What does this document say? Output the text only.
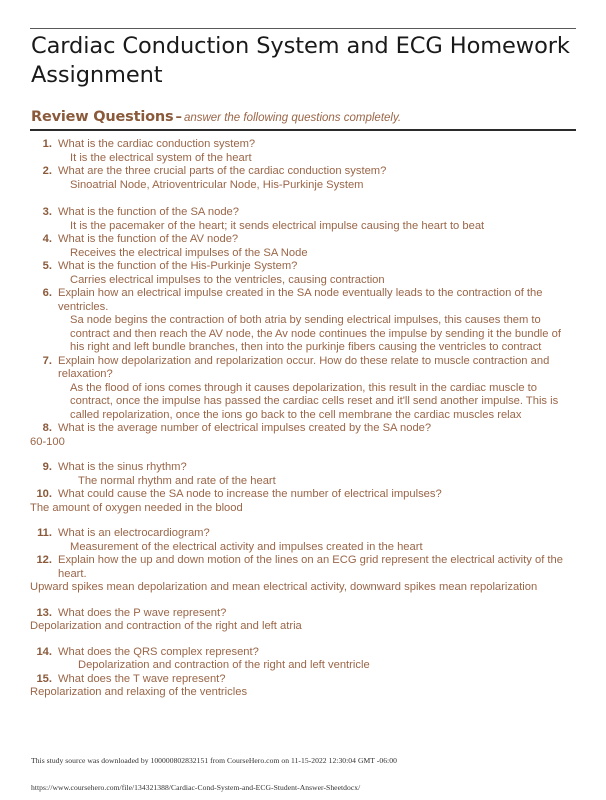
Cardiac Conduction System and ECG Homework Assignment
Review Questions – answer the following questions completely.
1. What is the cardiac conduction system?
It is the electrical system of the heart
2. What are the three crucial parts of the cardiac conduction system?
Sinoatrial Node, Atrioventricular Node, His-Purkinje System
3. What is the function of the SA node?
It is the pacemaker of the heart; it sends electrical impulse causing the heart to beat
4. What is the function of the AV node?
Receives the electrical impulses of the SA Node
5. What is the function of the His-Purkinje System?
Carries electrical impulses to the ventricles, causing contraction
6. Explain how an electrical impulse created in the SA node eventually leads to the contraction of the ventricles.
Sa node begins the contraction of both atria by sending electrical impulses, this causes them to contract and then reach the AV node, the Av node continues the impulse by sending it the bundle of his right and left bundle branches, then into the purkinje fibers causing the ventricles to contract
7. Explain how depolarization and repolarization occur. How do these relate to muscle contraction and relaxation?
As the flood of ions comes through it causes depolarization, this result in the cardiac muscle to contract, once the impulse has passed the cardiac cells reset and it'll send another impulse. This is called repolarization, once the ions go back to the cell membrane the cardiac muscles relax
8. What is the average number of electrical impulses created by the SA node?
60-100
9. What is the sinus rhythm?
The normal rhythm and rate of the heart
10. What could cause the SA node to increase the number of electrical impulses?
The amount of oxygen needed in the blood
11. What is an electrocardiogram?
Measurement of the electrical activity and impulses created in the heart
12. Explain how the up and down motion of the lines on an ECG grid represent the electrical activity of the heart.
Upward spikes mean depolarization and mean electrical activity, downward spikes mean repolarization
13. What does the P wave represent?
Depolarization and contraction of the right and left atria
14. What does the QRS complex represent?
Depolarization and contraction of the right and left ventricle
15. What does the T wave represent?
Repolarization and relaxing of the ventricles
This study source was downloaded by 100000802832151 from CourseHero.com on 11-15-2022 12:30:04 GMT -06:00
https://www.coursehero.com/file/134321388/Cardiac-Cond-System-and-ECG-Student-Answer-Sheetdocx/
